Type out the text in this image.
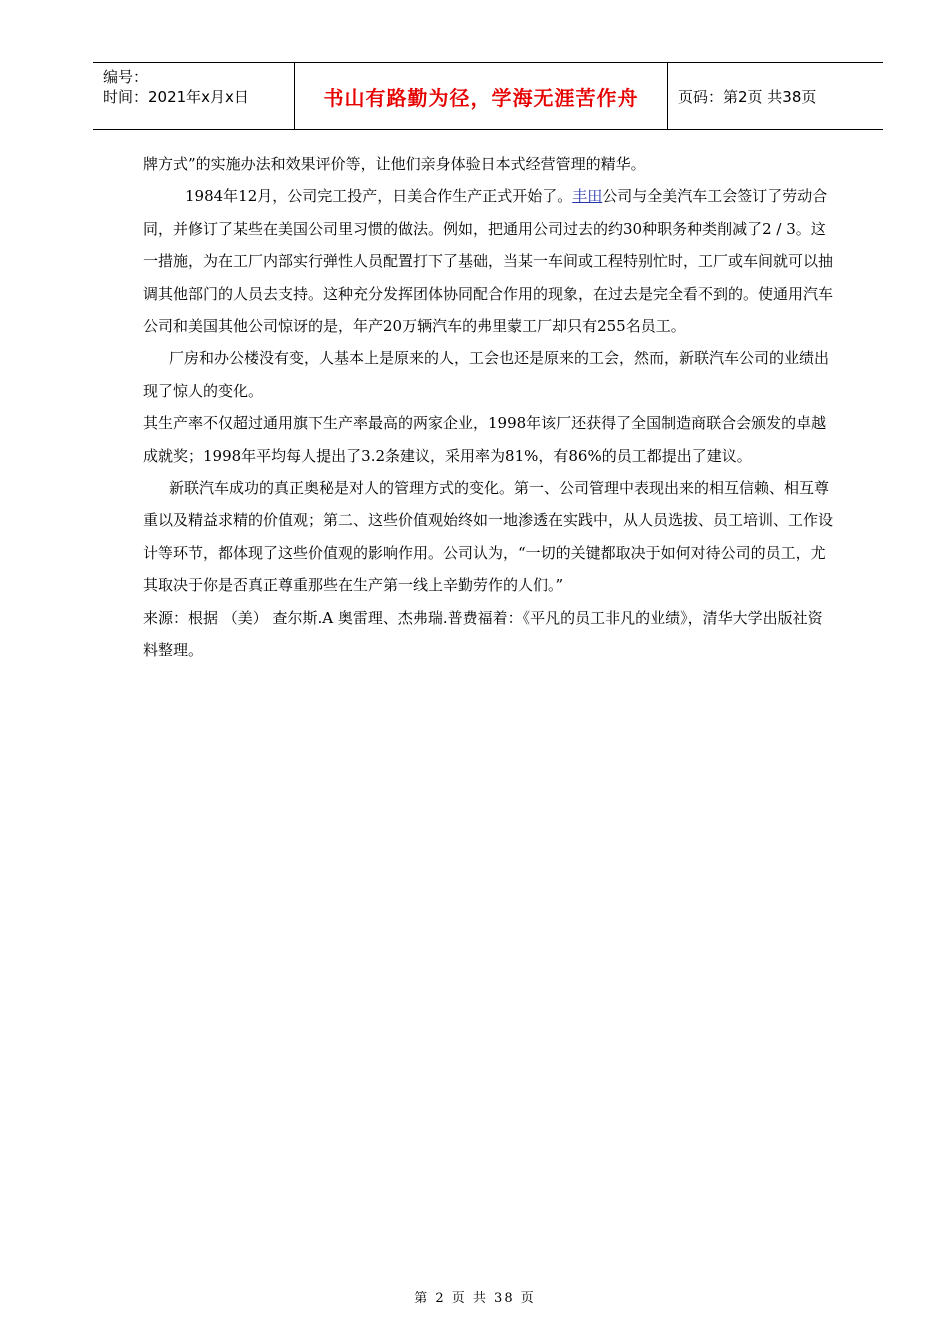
编号：
时间：2021年x月x日	书山有路勤为径，学海无涯苦作舟	页码：第2页 共38页

牌方式”的实施办法和效果评价等，让他们亲身体验日本式经营管理的精华。

1984年12月，公司完工投产，日美合作生产正式开始了。丰田公司与全美汽车工会签订了劳动合同，并修订了某些在美国公司里习惯的做法。例如，把通用公司过去的约30种职务种类削减了2 / 3。这一措施，为在工厂内部实行弹性人员配置打下了基础，当某一车间或工程特别忙时，工厂或车间就可以抽调其他部门的人员去支持。这种充分发挥团体协同配合作用的现象，在过去是完全看不到的。使通用汽车公司和美国其他公司惊讶的是，年产20万辆汽车的弗里蒙工厂却只有255名员工。

厂房和办公楼没有变，人基本上是原来的人，工会也还是原来的工会，然而，新联汽车公司的业绩出现了惊人的变化。

其生产率不仅超过通用旗下生产率最高的两家企业，1998年该厂还获得了全国制造商联合会颁发的卓越成就奖；1998年平均每人提出了3.2条建议，采用率为81%，有86%的员工都提出了建议。

新联汽车成功的真正奥秘是对人的管理方式的变化。第一、公司管理中表现出来的相互信赖、相互尊重以及精益求精的价值观；第二、这些价值观始终如一地渗透在实践中，从人员选拔、员工培训、工作设计等环节，都体现了这些价值观的影响作用。公司认为，“一切的关键都取决于如何对待公司的员工，尤其取决于你是否真正尊重那些在生产第一线上辛勤劳作的人们。”

来源：根据 （美） 查尔斯.A 奥雷理、杰弗瑞.普费福着：《平凡的员工非凡的业绩》，清华大学出版社资料整理。

第 2 页 共 38 页
